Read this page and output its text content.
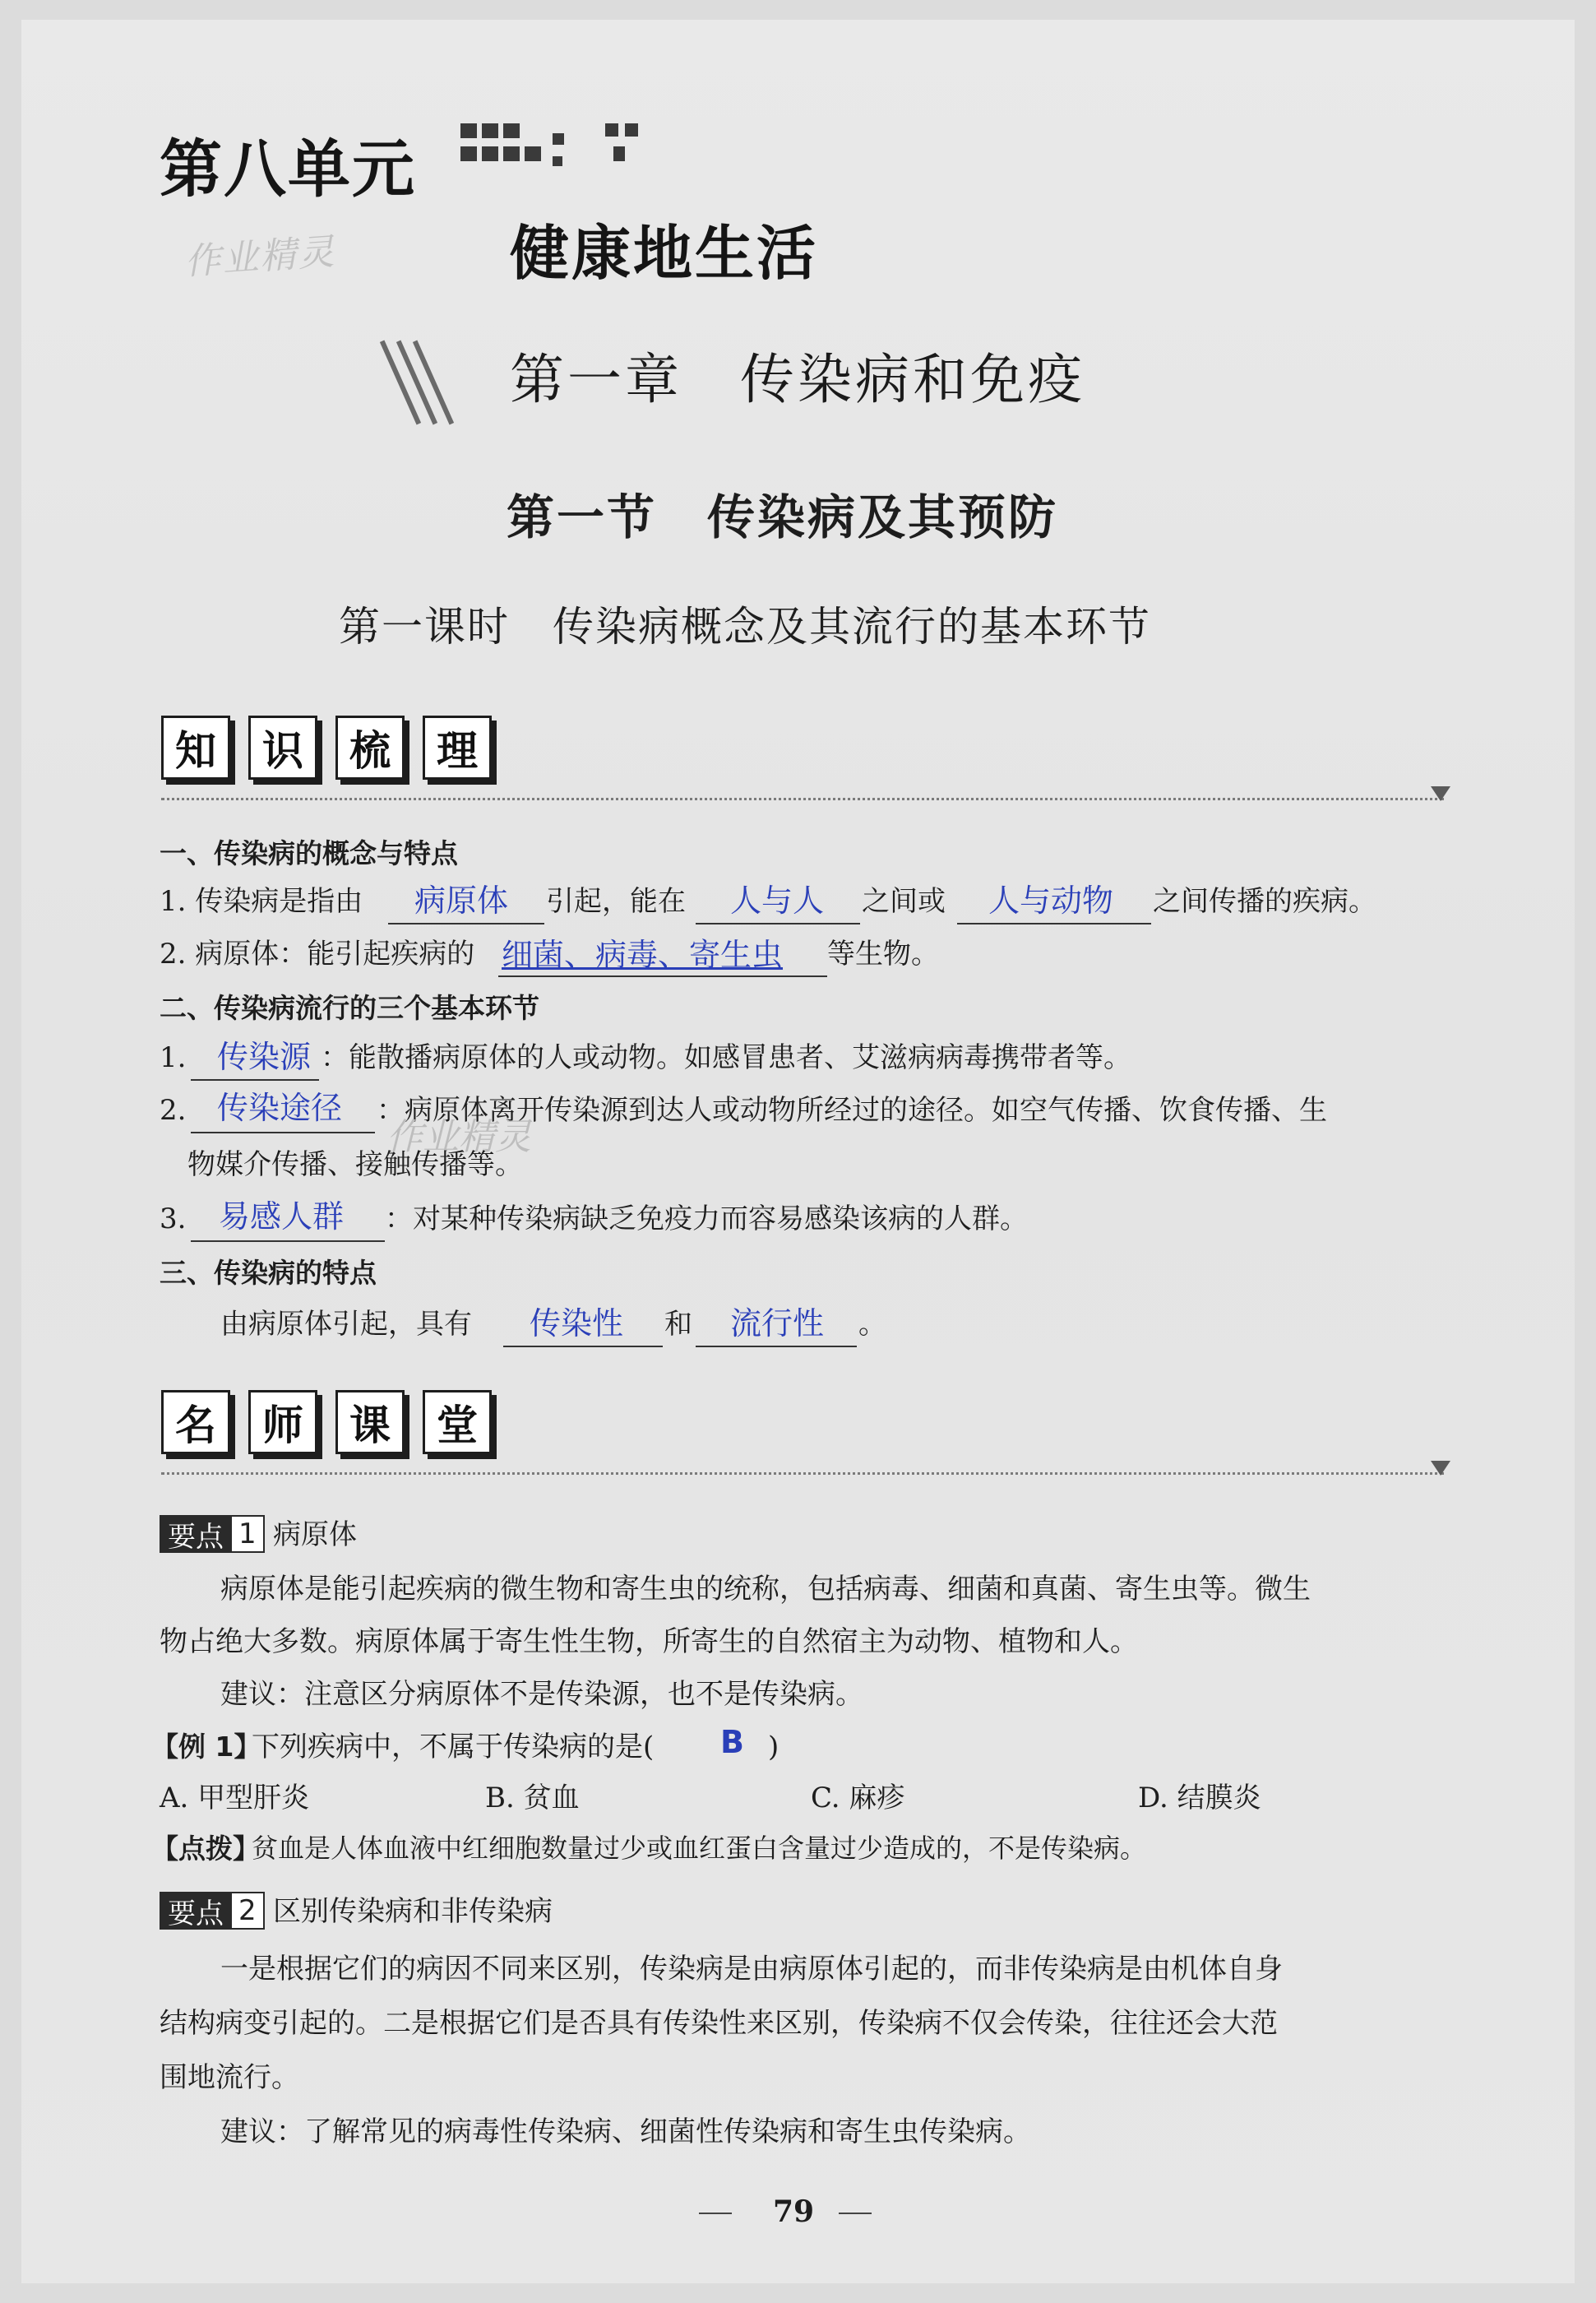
第八单元
作业精灵	健康地生活
第一章　传染病和免疫
第一节　传染病及其预防
第一课时　传染病概念及其流行的基本环节
知	识	梳	理
一、传染病的概念与特点
1. 传染病是指由 病原体 引起，能在 人与人 之间或 人与动物 之间传播的疾病。
2. 病原体：能引起疾病的 细菌、病毒、寄生虫 等生物。
二、传染病流行的三个基本环节
1. 传染源 ：能散播病原体的人或动物。如感冒患者、艾滋病病毒携带者等。
2. 传染途径 ：病原体离开传染源到达人或动物所经过的途径。如空气传播、饮食传播、生
物媒介传播、接触传播等。
作业精灵
3. 易感人群 ：对某种传染病缺乏免疫力而容易感染该病的人群。
三、传染病的特点
由病原体引起，具有 传染性 和 流行性 。
名	师	课	堂
要点 1 病原体
病原体是能引起疾病的微生物和寄生虫的统称，包括病毒、细菌和真菌、寄生虫等。微生
物占绝大多数。病原体属于寄生性生物，所寄生的自然宿主为动物、植物和人。
建议：注意区分病原体不是传染源，也不是传染病。
【例 1】
下列疾病中，不属于传染病的是( B )
A. 甲型肝炎	B. 贫血	C. 麻疹	D. 结膜炎
【点拨】
贫血是人体血液中红细胞数量过少或血红蛋白含量过少造成的，不是传染病。
要点 2 区别传染病和非传染病
一是根据它们的病因不同来区别，传染病是由病原体引起的，而非传染病是由机体自身
结构病变引起的。二是根据它们是否具有传染性来区别，传染病不仅会传染，往往还会大范
围地流行。
建议：了解常见的病毒性传染病、细菌性传染病和寄生虫传染病。
79
